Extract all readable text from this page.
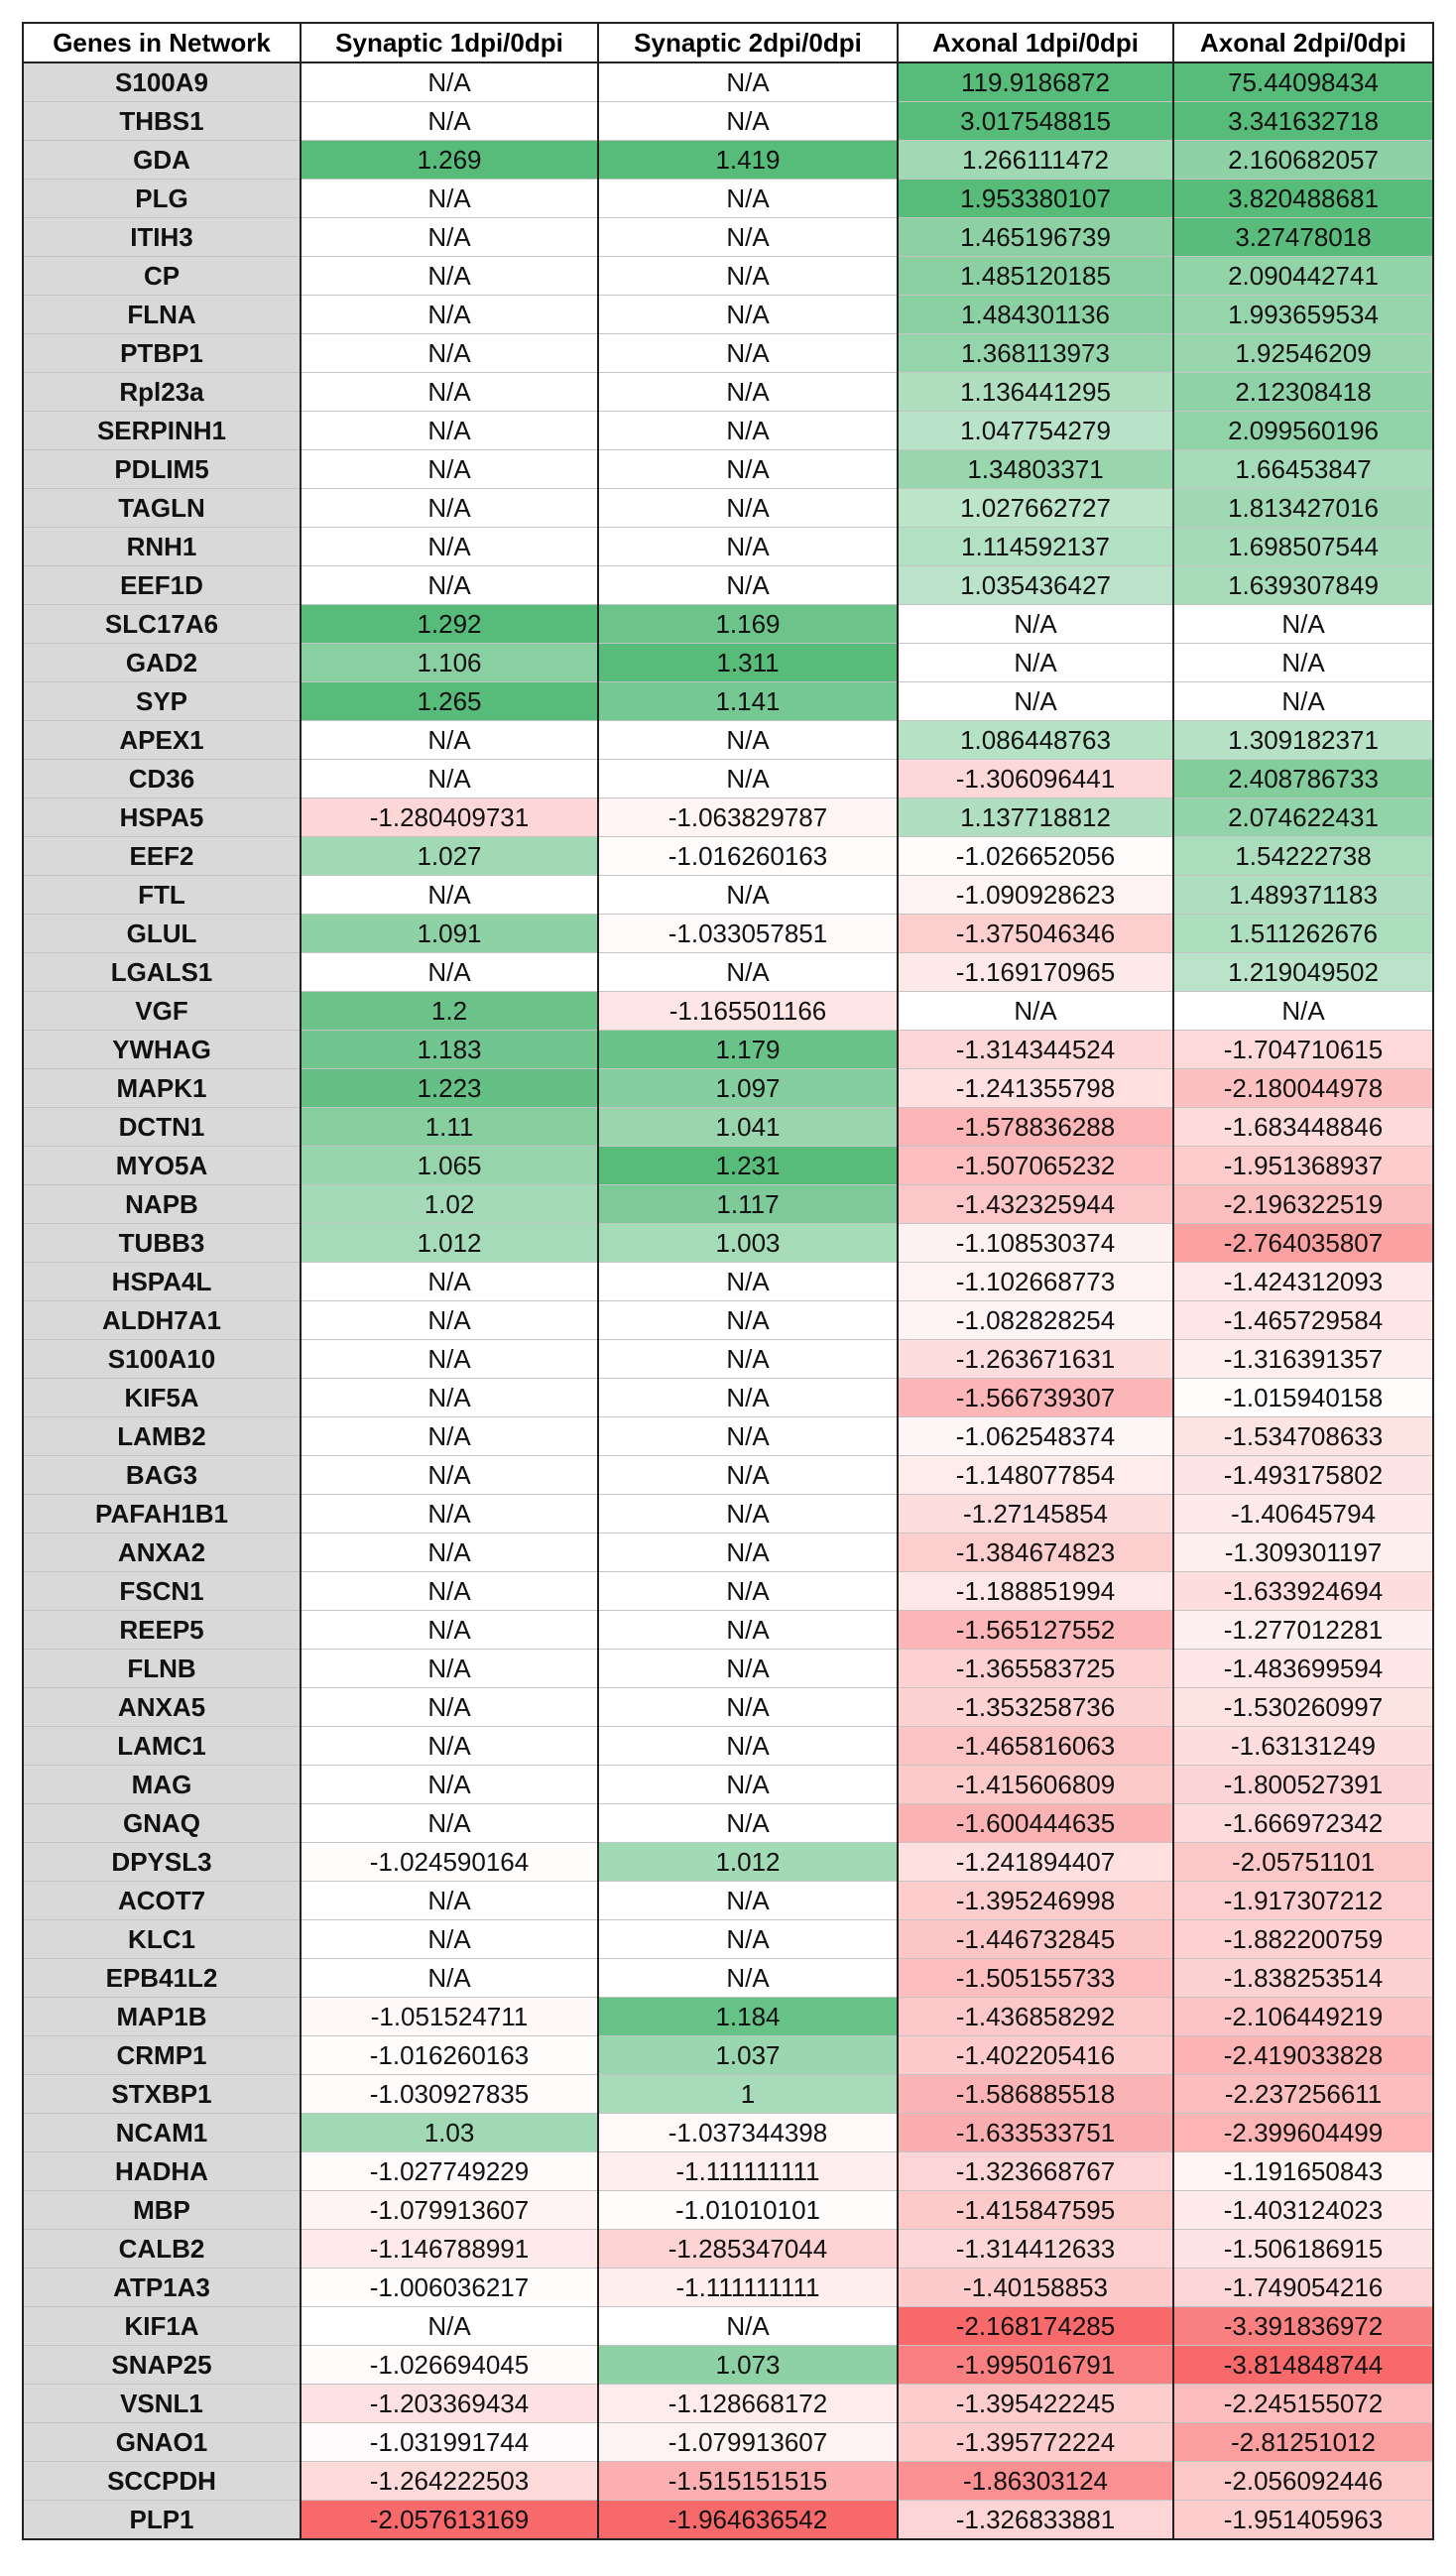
Genes in Network	Synaptic 1dpi/0dpi	Synaptic 2dpi/0dpi	Axonal 1dpi/0dpi	Axonal 2dpi/0dpi
S100A9	N/A	N/A	119.9186872	75.44098434
THBS1	N/A	N/A	3.017548815	3.341632718
GDA	1.269	1.419	1.266111472	2.160682057
PLG	N/A	N/A	1.953380107	3.820488681
ITIH3	N/A	N/A	1.465196739	3.27478018
CP	N/A	N/A	1.485120185	2.090442741
FLNA	N/A	N/A	1.484301136	1.993659534
PTBP1	N/A	N/A	1.368113973	1.92546209
Rpl23a	N/A	N/A	1.136441295	2.12308418
SERPINH1	N/A	N/A	1.047754279	2.099560196
PDLIM5	N/A	N/A	1.34803371	1.66453847
TAGLN	N/A	N/A	1.027662727	1.813427016
RNH1	N/A	N/A	1.114592137	1.698507544
EEF1D	N/A	N/A	1.035436427	1.639307849
SLC17A6	1.292	1.169	N/A	N/A
GAD2	1.106	1.311	N/A	N/A
SYP	1.265	1.141	N/A	N/A
APEX1	N/A	N/A	1.086448763	1.309182371
CD36	N/A	N/A	-1.306096441	2.408786733
HSPA5	-1.280409731	-1.063829787	1.137718812	2.074622431
EEF2	1.027	-1.016260163	-1.026652056	1.54222738
FTL	N/A	N/A	-1.090928623	1.489371183
GLUL	1.091	-1.033057851	-1.375046346	1.511262676
LGALS1	N/A	N/A	-1.169170965	1.219049502
VGF	1.2	-1.165501166	N/A	N/A
YWHAG	1.183	1.179	-1.314344524	-1.704710615
MAPK1	1.223	1.097	-1.241355798	-2.180044978
DCTN1	1.11	1.041	-1.578836288	-1.683448846
MYO5A	1.065	1.231	-1.507065232	-1.951368937
NAPB	1.02	1.117	-1.432325944	-2.196322519
TUBB3	1.012	1.003	-1.108530374	-2.764035807
HSPA4L	N/A	N/A	-1.102668773	-1.424312093
ALDH7A1	N/A	N/A	-1.082828254	-1.465729584
S100A10	N/A	N/A	-1.263671631	-1.316391357
KIF5A	N/A	N/A	-1.566739307	-1.015940158
LAMB2	N/A	N/A	-1.062548374	-1.534708633
BAG3	N/A	N/A	-1.148077854	-1.493175802
PAFAH1B1	N/A	N/A	-1.27145854	-1.40645794
ANXA2	N/A	N/A	-1.384674823	-1.309301197
FSCN1	N/A	N/A	-1.188851994	-1.633924694
REEP5	N/A	N/A	-1.565127552	-1.277012281
FLNB	N/A	N/A	-1.365583725	-1.483699594
ANXA5	N/A	N/A	-1.353258736	-1.530260997
LAMC1	N/A	N/A	-1.465816063	-1.63131249
MAG	N/A	N/A	-1.415606809	-1.800527391
GNAQ	N/A	N/A	-1.600444635	-1.666972342
DPYSL3	-1.024590164	1.012	-1.241894407	-2.05751101
ACOT7	N/A	N/A	-1.395246998	-1.917307212
KLC1	N/A	N/A	-1.446732845	-1.882200759
EPB41L2	N/A	N/A	-1.505155733	-1.838253514
MAP1B	-1.051524711	1.184	-1.436858292	-2.106449219
CRMP1	-1.016260163	1.037	-1.402205416	-2.419033828
STXBP1	-1.030927835	1	-1.586885518	-2.237256611
NCAM1	1.03	-1.037344398	-1.633533751	-2.399604499
HADHA	-1.027749229	-1.111111111	-1.323668767	-1.191650843
MBP	-1.079913607	-1.01010101	-1.415847595	-1.403124023
CALB2	-1.146788991	-1.285347044	-1.314412633	-1.506186915
ATP1A3	-1.006036217	-1.111111111	-1.40158853	-1.749054216
KIF1A	N/A	N/A	-2.168174285	-3.391836972
SNAP25	-1.026694045	1.073	-1.995016791	-3.814848744
VSNL1	-1.203369434	-1.128668172	-1.395422245	-2.245155072
GNAO1	-1.031991744	-1.079913607	-1.395772224	-2.81251012
SCCPDH	-1.264222503	-1.515151515	-1.86303124	-2.056092446
PLP1	-2.057613169	-1.964636542	-1.326833881	-1.951405963
